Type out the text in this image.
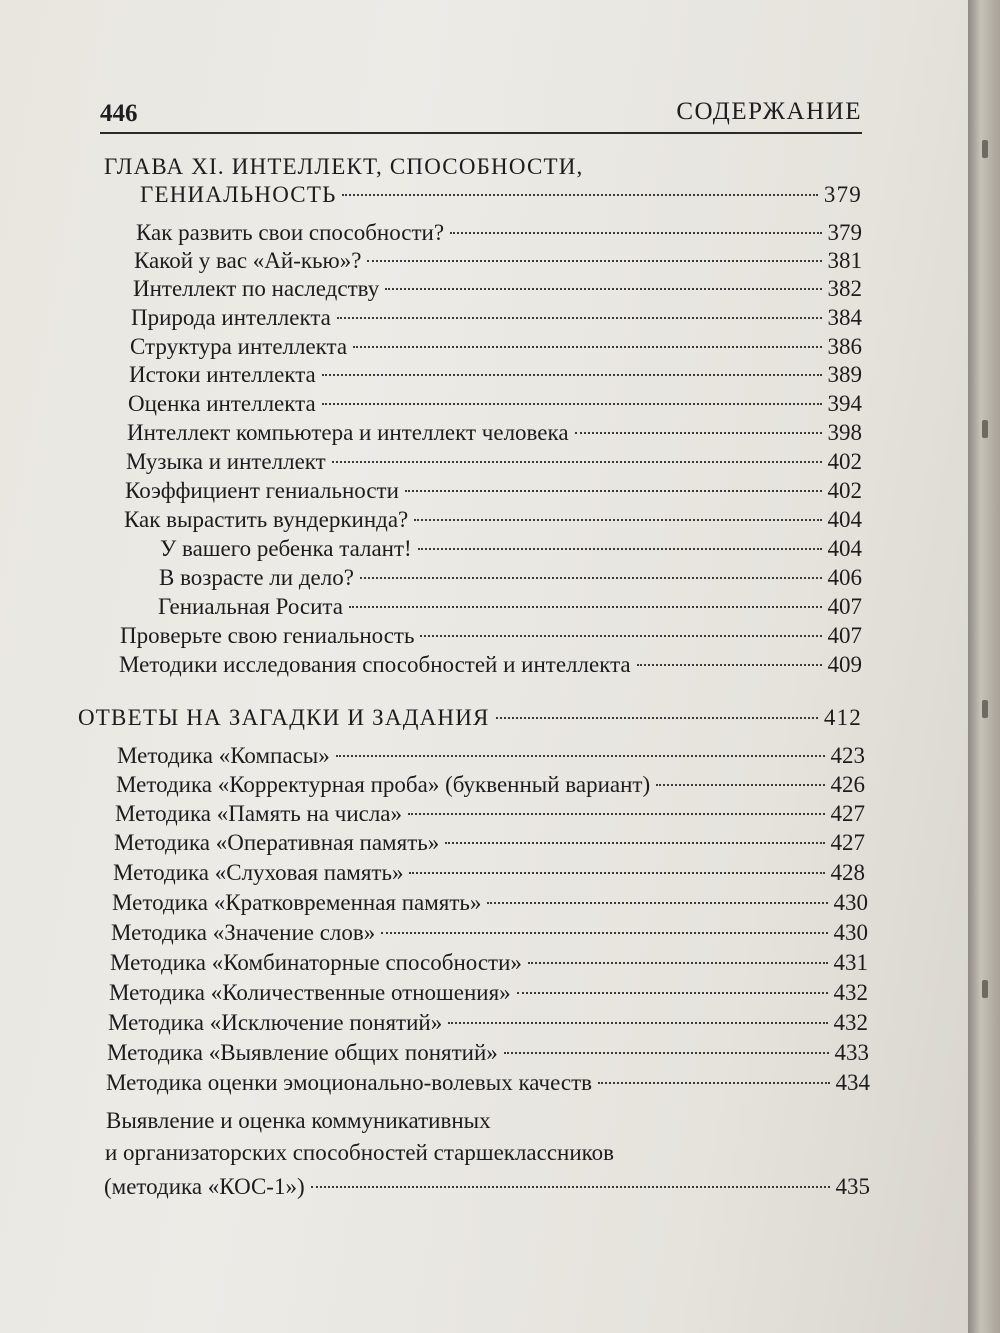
446	СОДЕРЖАНИЕ
ГЛАВА XI. ИНТЕЛЛЕКТ, СПОСОБНОСТИ,
ГЕНИАЛЬНОСТЬ	379
Как развить свои способности?	379
Какой у вас «Ай-кью»?	381
Интеллект по наследству	382
Природа интеллекта	384
Структура интеллекта	386
Истоки интеллекта	389
Оценка интеллекта	394
Интеллект компьютера и интеллект человека	398
Музыка и интеллект	402
Коэффициент гениальности	402
Как вырастить вундеркинда?	404
У вашего ребенка талант!	404
В возрасте ли дело?	406
Гениальная Росита	407
Проверьте свою гениальность	407
Методики исследования способностей и интеллекта	409
ОТВЕТЫ НА ЗАГАДКИ И ЗАДАНИЯ	412
Методика «Компасы»	423
Методика «Корректурная проба» (буквенный вариант)	426
Методика «Память на числа»	427
Методика «Оперативная память»	427
Методика «Слуховая память»	428
Методика «Кратковременная память»	430
Методика «Значение слов»	430
Методика «Комбинаторные способности»	431
Методика «Количественные отношения»	432
Методика «Исключение понятий»	432
Методика «Выявление общих понятий»	433
Методика оценки эмоционально-волевых качеств	434
Выявление и оценка коммуникативных
и организаторских способностей старшеклассников
(методика «КОС-1»)	435
